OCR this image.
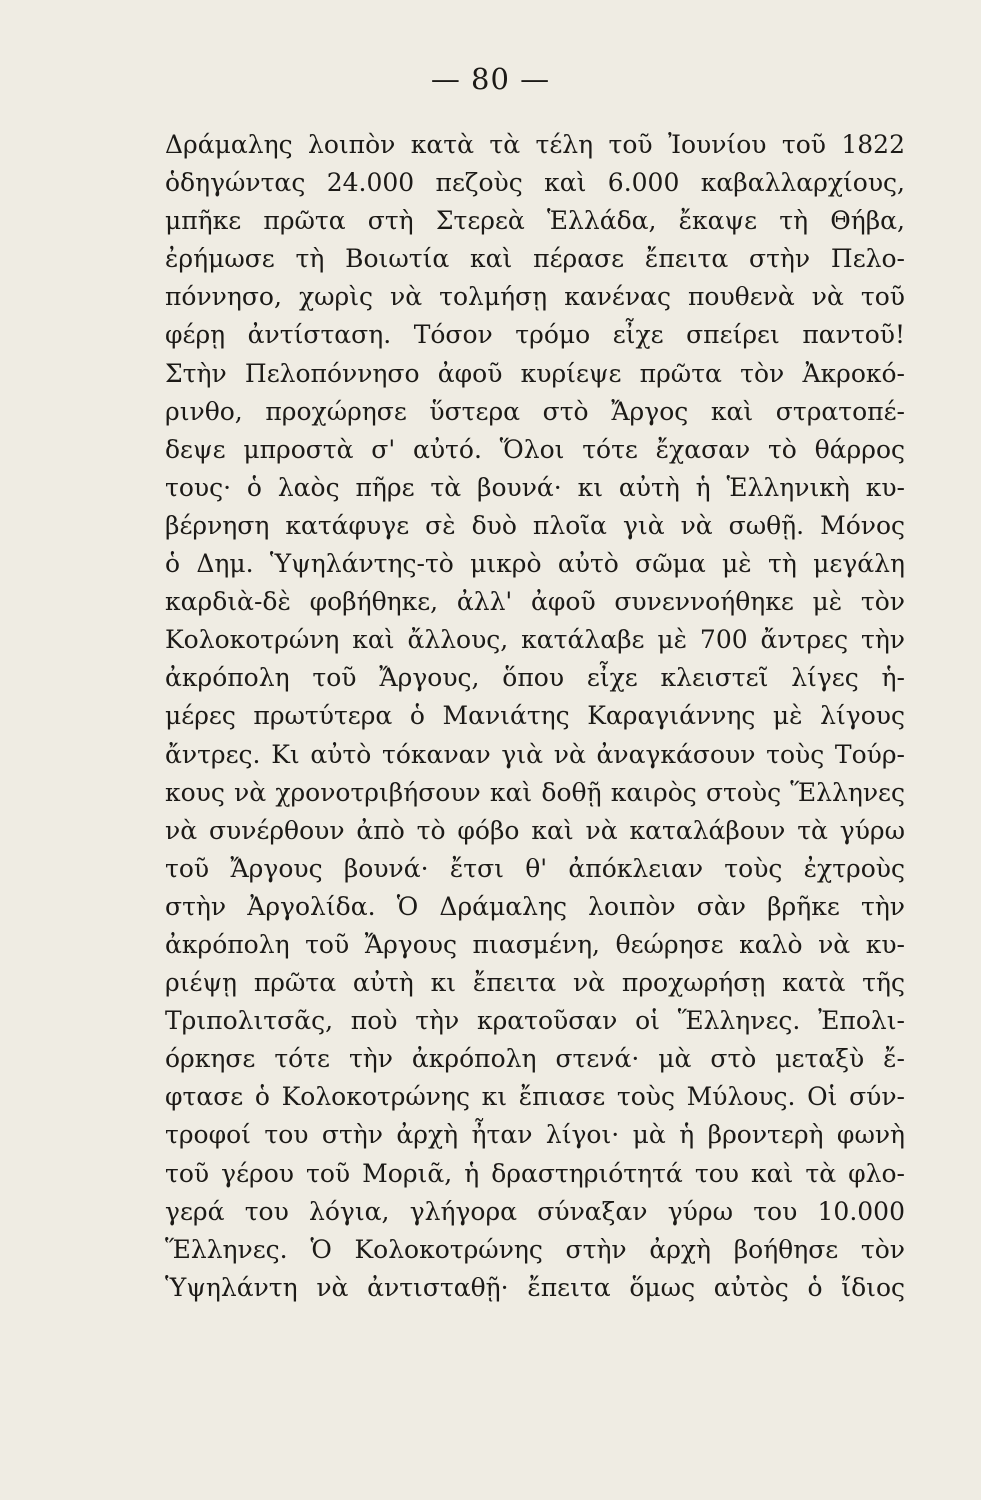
— 80 —
Δράμαλης λοιπὸν κατὰ τὰ τέλη τοῦ Ἰουνίου τοῦ 1822
ὁδηγώντας 24.000 πεζοὺς καὶ 6.000 καβαλλαρχίους,
μπῆκε πρῶτα στὴ Στερεὰ Ἑλλάδα, ἔκαψε τὴ Θήβα,
ἐρήμωσε τὴ Βοιωτία καὶ πέρασε ἔπειτα στὴν Πελο-
πόννησο, χωρὶς νὰ τολμήσῃ κανένας πουθενὰ νὰ τοῦ
φέρῃ ἀντίσταση. Τόσον τρόμο εἶχε σπείρει παντοῦ!
Στὴν Πελοπόννησο ἀφοῦ κυρίεψε πρῶτα τὸν Ἀκροκό-
ρινθο, προχώρησε ὕστερα στὸ Ἄργος καὶ στρατοπέ-
δεψε μπροστὰ σ' αὐτό. Ὅλοι τότε ἔχασαν τὸ θάρρος
τους· ὁ λαὸς πῆρε τὰ βουνά· κι αὐτὴ ἡ Ἑλληνικὴ κυ-
βέρνηση κατάφυγε σὲ δυὸ πλοῖα γιὰ νὰ σωθῇ. Μόνος
ὁ Δημ. Ὑψηλάντης-τὸ μικρὸ αὐτὸ σῶμα μὲ τὴ μεγάλη
καρδιὰ-δὲ φοβήθηκε, ἀλλ' ἀφοῦ συνεννοήθηκε μὲ τὸν
Κολοκοτρώνη καὶ ἄλλους, κατάλαβε μὲ 700 ἄντρες τὴν
ἀκρόπολη τοῦ Ἄργους, ὅπου εἶχε κλειστεῖ λίγες ἡ-
μέρες πρωτύτερα ὁ Μανιάτης Καραγιάννης μὲ λίγους
ἄντρες. Κι αὐτὸ τόκαναν γιὰ νὰ ἀναγκάσουν τοὺς Τούρ-
κους νὰ χρονοτριβήσουν καὶ δοθῇ καιρὸς στοὺς Ἕλληνες
νὰ συνέρθουν ἀπὸ τὸ φόβο καὶ νὰ καταλάβουν τὰ γύρω
τοῦ Ἄργους βουνά· ἔτσι θ' ἀπόκλειαν τοὺς ἐχτροὺς
στὴν Ἀργολίδα. Ὁ Δράμαλης λοιπὸν σὰν βρῆκε τὴν
ἀκρόπολη τοῦ Ἄργους πιασμένη, θεώρησε καλὸ νὰ κυ-
ριέψῃ πρῶτα αὐτὴ κι ἔπειτα νὰ προχωρήσῃ κατὰ τῆς
Τριπολιτσᾶς, ποὺ τὴν κρατοῦσαν οἱ Ἕλληνες. Ἐπολι-
όρκησε τότε τὴν ἀκρόπολη στενά· μὰ στὸ μεταξὺ ἔ-
φτασε ὁ Κολοκοτρώνης κι ἔπιασε τοὺς Μύλους. Οἱ σύν-
τροφοί του στὴν ἀρχὴ ἦταν λίγοι· μὰ ἡ βροντερὴ φωνὴ
τοῦ γέρου τοῦ Μοριᾶ, ἡ δραστηριότητά του καὶ τὰ φλο-
γερά του λόγια, γλήγορα σύναξαν γύρω του 10.000
Ἕλληνες. Ὁ Κολοκοτρώνης στὴν ἀρχὴ βοήθησε τὸν
Ὑψηλάντη νὰ ἀντισταθῇ· ἔπειτα ὅμως αὐτὸς ὁ ἴδιος
